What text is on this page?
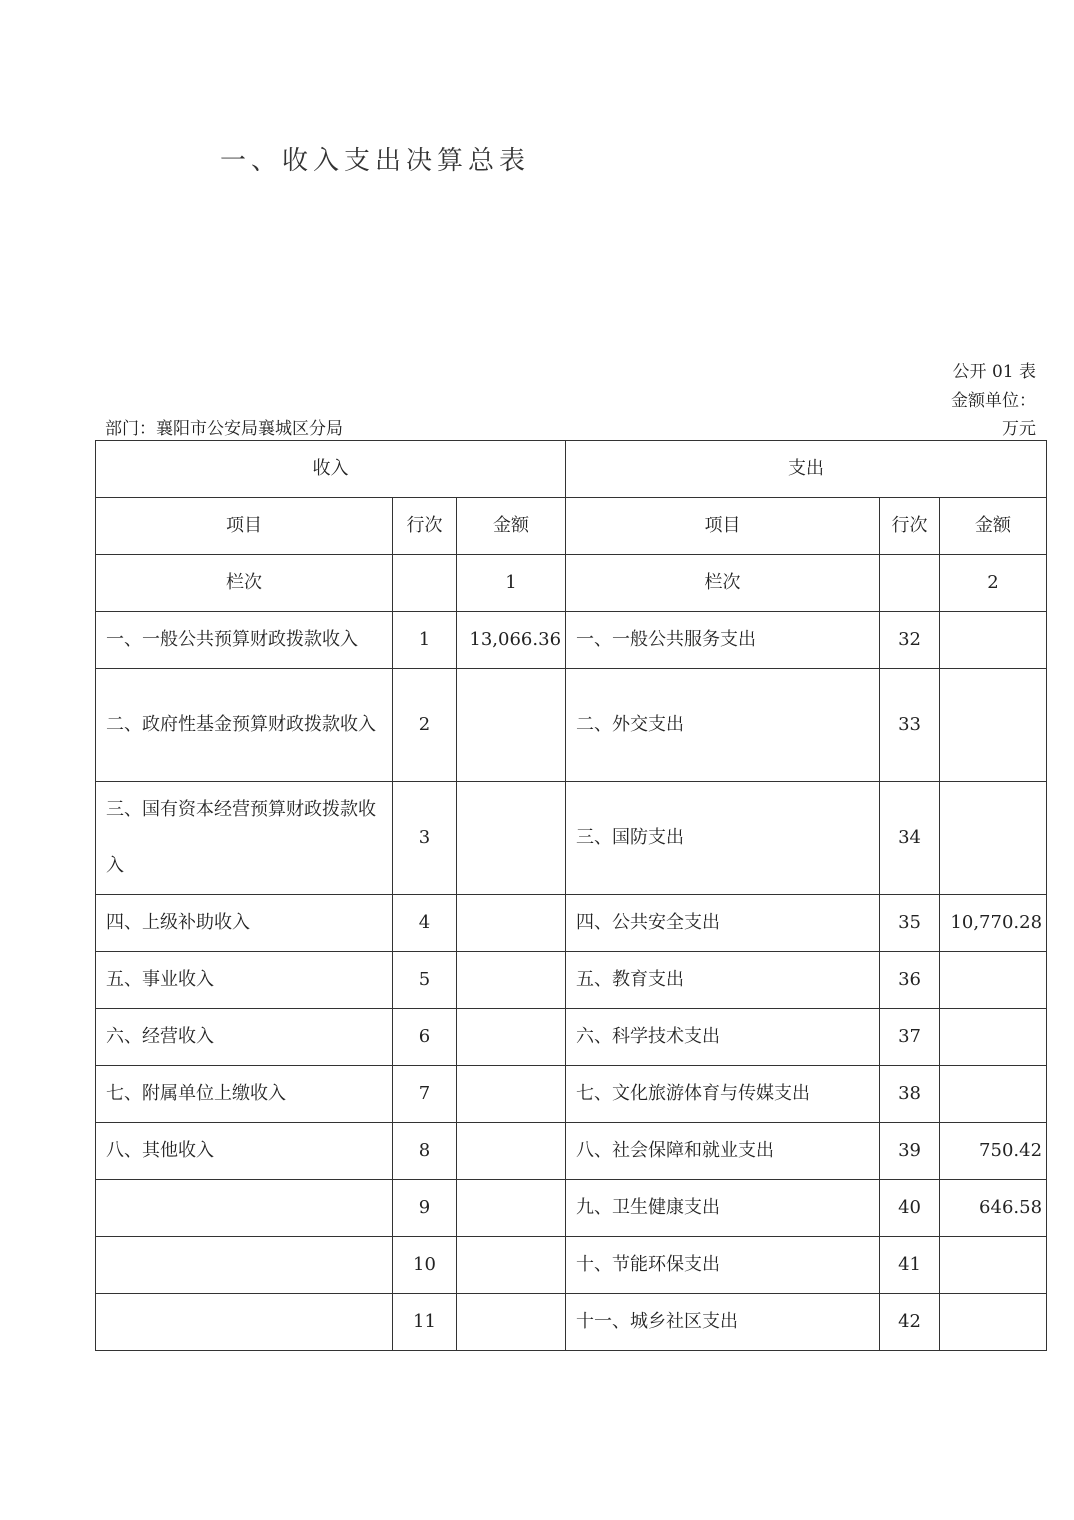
一、收入支出决算总表
公开 01 表
金额单位：
万元
部门：襄阳市公安局襄城区分局
收入			支出		
项目	行次	金额	项目	行次	金额
栏次		1	栏次		2
一、一般公共预算财政拨款收入	1	13,066.36	一、一般公共服务支出	32	
二、政府性基金预算财政拨款收入	2		二、外交支出	33	
三、国有资本经营预算财政拨款收入	3		三、国防支出	34	
四、上级补助收入	4		四、公共安全支出	35	10,770.28
五、事业收入	5		五、教育支出	36	
六、经营收入	6		六、科学技术支出	37	
七、附属单位上缴收入	7		七、文化旅游体育与传媒支出	38	
八、其他收入	8		八、社会保障和就业支出	39	750.42
	9		九、卫生健康支出	40	646.58
	10		十、节能环保支出	41	
	11		十一、城乡社区支出	42	
